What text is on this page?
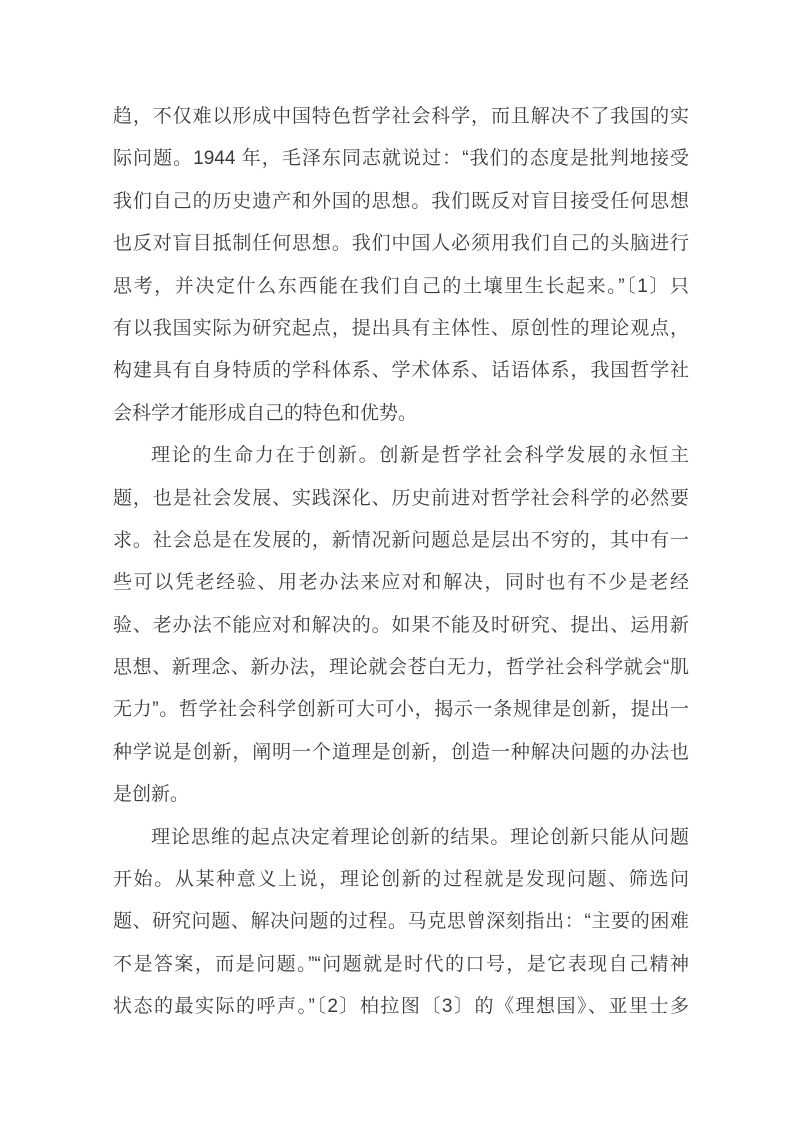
趋，不仅难以形成中国特色哲学社会科学，而且解决不了我国的实
际问题。1944 年，毛泽东同志就说过：“我们的态度是批判地接受
我们自己的历史遗产和外国的思想。我们既反对盲目接受任何思想
也反对盲目抵制任何思想。我们中国人必须用我们自己的头脑进行
思考，并决定什么东西能在我们自己的土壤里生长起来。”〔1〕只
有以我国实际为研究起点，提出具有主体性、原创性的理论观点，
构建具有自身特质的学科体系、学术体系、话语体系，我国哲学社
会科学才能形成自己的特色和优势。
理论的生命力在于创新。创新是哲学社会科学发展的永恒主
题，也是社会发展、实践深化、历史前进对哲学社会科学的必然要
求。社会总是在发展的，新情况新问题总是层出不穷的，其中有一
些可以凭老经验、用老办法来应对和解决，同时也有不少是老经
验、老办法不能应对和解决的。如果不能及时研究、提出、运用新
思想、新理念、新办法，理论就会苍白无力，哲学社会科学就会“肌
无力”。哲学社会科学创新可大可小，揭示一条规律是创新，提出一
种学说是创新，阐明一个道理是创新，创造一种解决问题的办法也
是创新。
理论思维的起点决定着理论创新的结果。理论创新只能从问题
开始。从某种意义上说，理论创新的过程就是发现问题、筛选问
题、研究问题、解决问题的过程。马克思曾深刻指出：“主要的困难
不是答案，而是问题。”“问题就是时代的口号，是它表现自己精神
状态的最实际的呼声。”〔2〕柏拉图〔3〕的《理想国》、亚里士多
